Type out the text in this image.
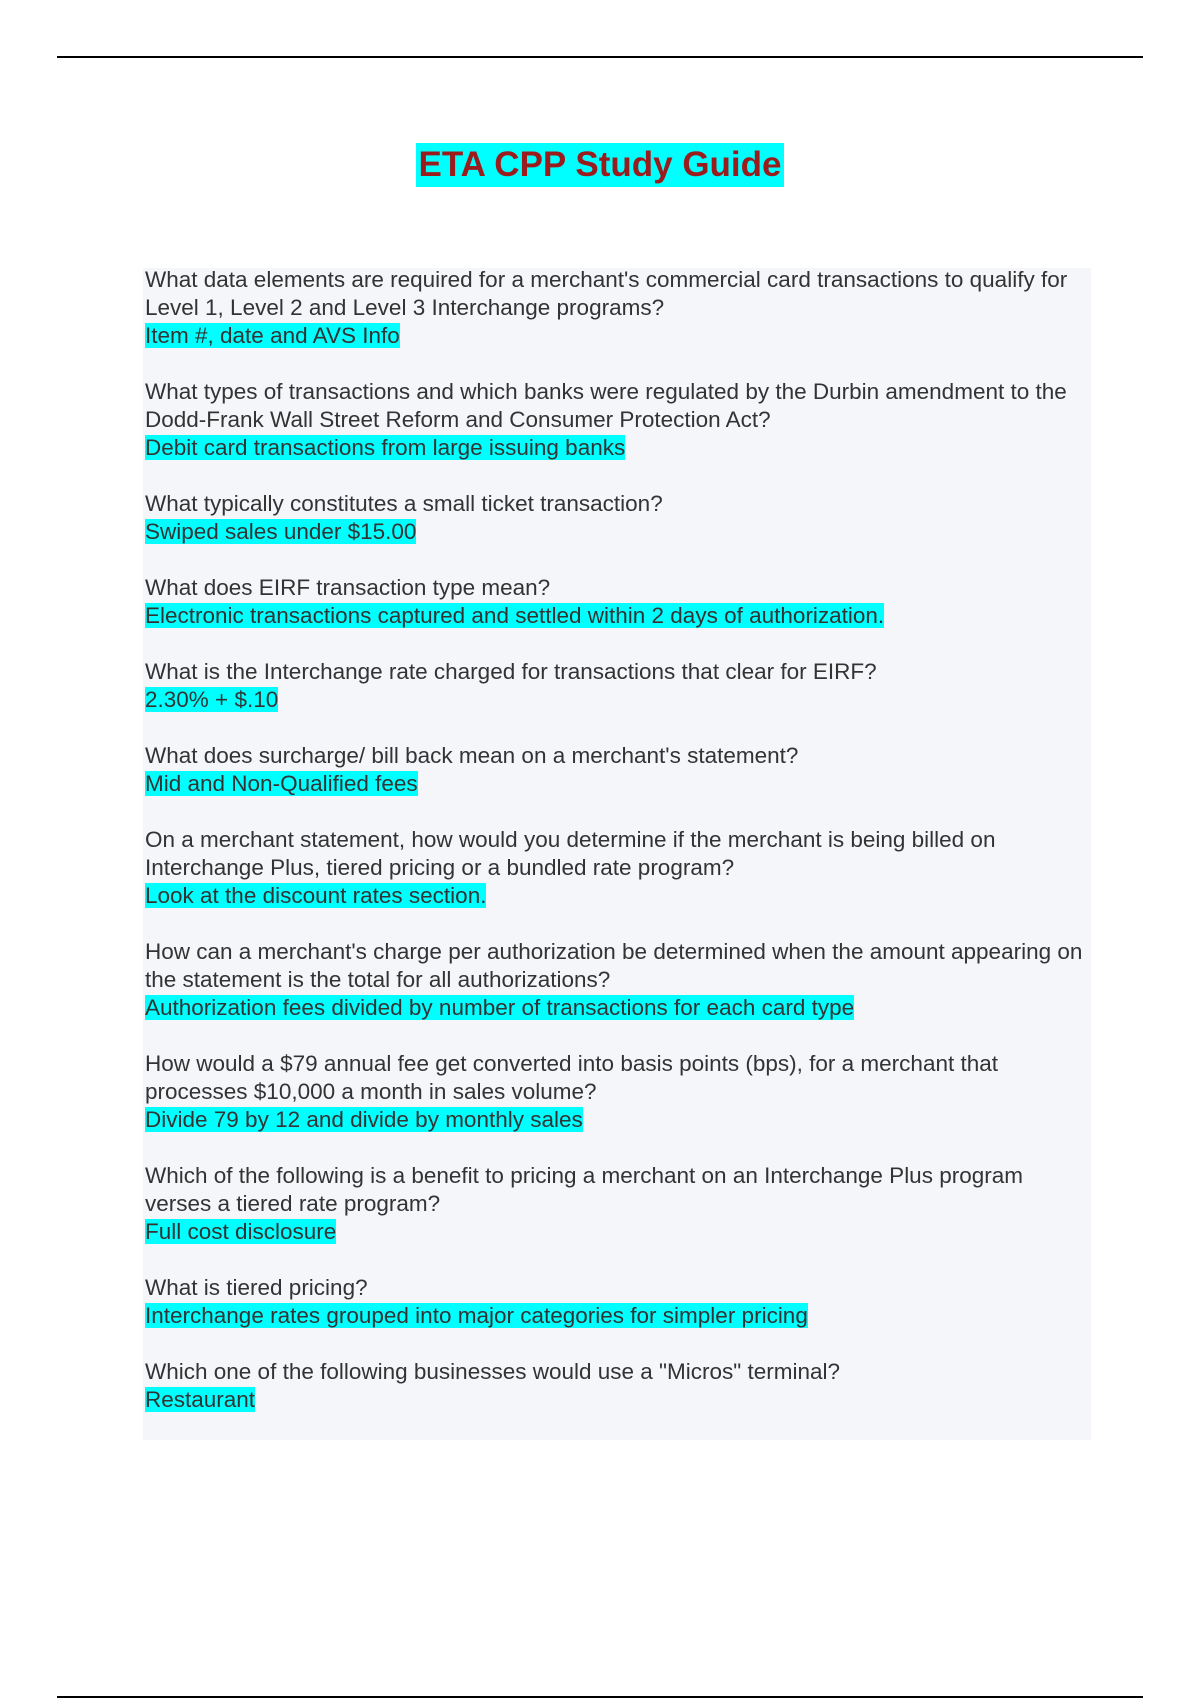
ETA CPP Study Guide
What data elements are required for a merchant's commercial card transactions to qualify for Level 1, Level 2 and Level 3 Interchange programs?
Item #, date and AVS Info
What types of transactions and which banks were regulated by the Durbin amendment to the Dodd-Frank Wall Street Reform and Consumer Protection Act?
Debit card transactions from large issuing banks
What typically constitutes a small ticket transaction?
Swiped sales under $15.00
What does EIRF transaction type mean?
Electronic transactions captured and settled within 2 days of authorization.
What is the Interchange rate charged for transactions that clear for EIRF?
2.30% + $.10
What does surcharge/ bill back mean on a merchant's statement?
Mid and Non-Qualified fees
On a merchant statement, how would you determine if the merchant is being billed on Interchange Plus, tiered pricing or a bundled rate program?
Look at the discount rates section.
How can a merchant's charge per authorization be determined when the amount appearing on the statement is the total for all authorizations?
Authorization fees divided by number of transactions for each card type
How would a $79 annual fee get converted into basis points (bps), for a merchant that processes $10,000 a month in sales volume?
Divide 79 by 12 and divide by monthly sales
Which of the following is a benefit to pricing a merchant on an Interchange Plus program verses a tiered rate program?
Full cost disclosure
What is tiered pricing?
Interchange rates grouped into major categories for simpler pricing
Which one of the following businesses would use a "Micros" terminal?
Restaurant
